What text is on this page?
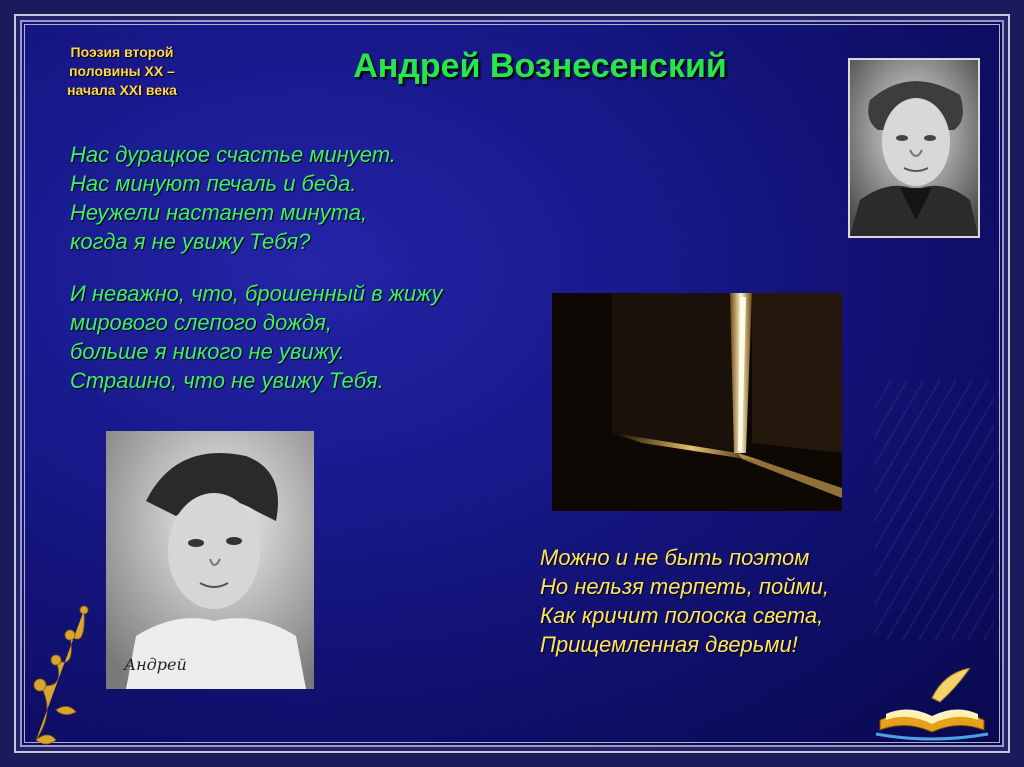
Поэзия второй
половины XX –
начала XXI века
Андрей Вознесенский

Нас дурацкое счастье минует.
Нас минуют печаль и беда.
Неужели настанет минута,
когда я не увижу Тебя?

И неважно, что, брошенный в жижу
мирового слепого дождя,
больше я никого не увижу.
Страшно, что не увижу Тебя.

Можно и не быть поэтом
Но нельзя терпеть, пойми,
Как кричит полоска света,
Прищемленная дверьми!

Андрей
